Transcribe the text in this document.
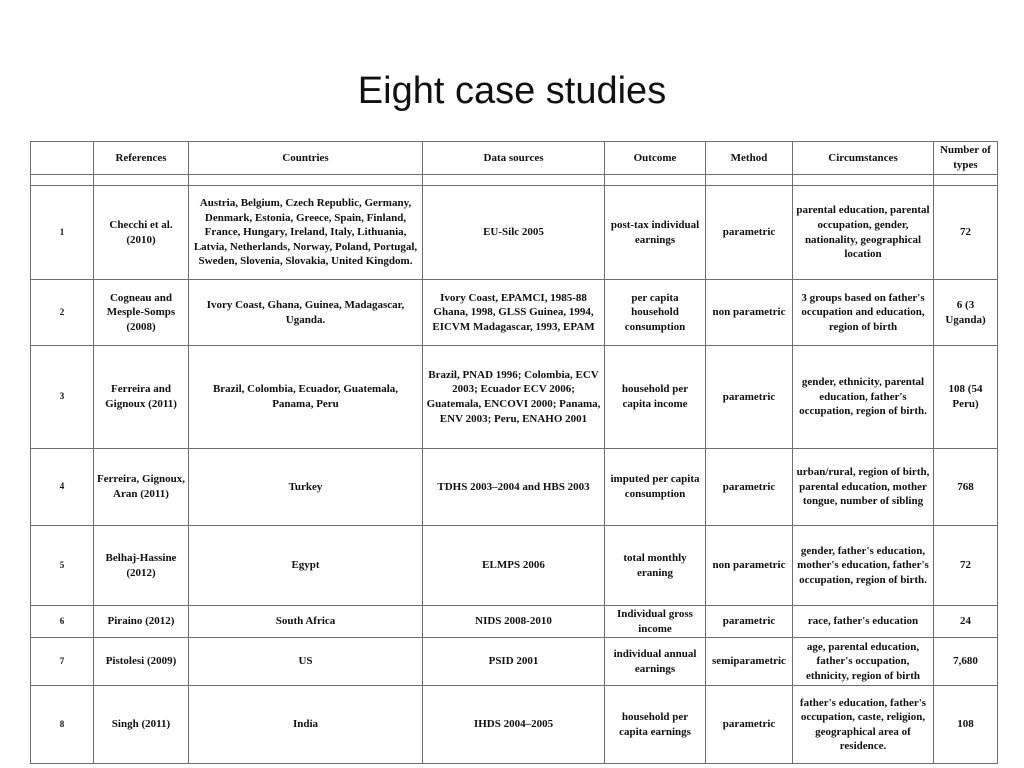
Eight case studies
	References	Countries	Data sources	Outcome	Method	Circumstances	Number of types

1	Checchi et al. (2010)	Austria, Belgium, Czech Republic, Germany, Denmark, Estonia, Greece, Spain, Finland, France, Hungary, Ireland, Italy, Lithuania, Latvia, Netherlands, Norway, Poland, Portugal, Sweden, Slovenia, Slovakia, United Kingdom.	EU-Silc 2005	post-tax individual earnings	parametric	parental education, parental occupation, gender, nationality, geographical location	72
2	Cogneau and Mesple-Somps (2008)	Ivory Coast, Ghana, Guinea, Madagascar, Uganda.	Ivory Coast, EPAMCI, 1985-88 Ghana, 1998, GLSS Guinea, 1994, EICVM Madagascar, 1993, EPAM	per capita household consumption	non parametric	3 groups based on father's occupation and education, region of birth	6 (3 Uganda)
3	Ferreira and Gignoux (2011)	Brazil, Colombia, Ecuador, Guatemala, Panama, Peru	Brazil, PNAD 1996; Colombia, ECV 2003; Ecuador ECV 2006; Guatemala, ENCOVI 2000; Panama, ENV 2003; Peru, ENAHO 2001	household per capita income	parametric	gender, ethnicity, parental education, father's occupation, region of birth.	108 (54 Peru)
4	Ferreira, Gignoux, Aran (2011)	Turkey	TDHS 2003–2004 and HBS 2003	imputed per capita consumption	parametric	urban/rural, region of birth, parental education, mother tongue, number of sibling	768
5	Belhaj-Hassine (2012)	Egypt	ELMPS 2006	total monthly eraning	non parametric	gender, father's education, mother's education, father's occupation, region of birth.	72
6	Piraino (2012)	South Africa	NIDS 2008-2010	Individual gross income	parametric	race, father's education	24
7	Pistolesi (2009)	US	PSID 2001	individual annual earnings	semiparametric	age, parental education, father's occupation, ethnicity, region of birth	7,680
8	Singh (2011)	India	IHDS 2004–2005	household per capita earnings	parametric	father's education, father's occupation, caste, religion, geographical area of residence.	108
